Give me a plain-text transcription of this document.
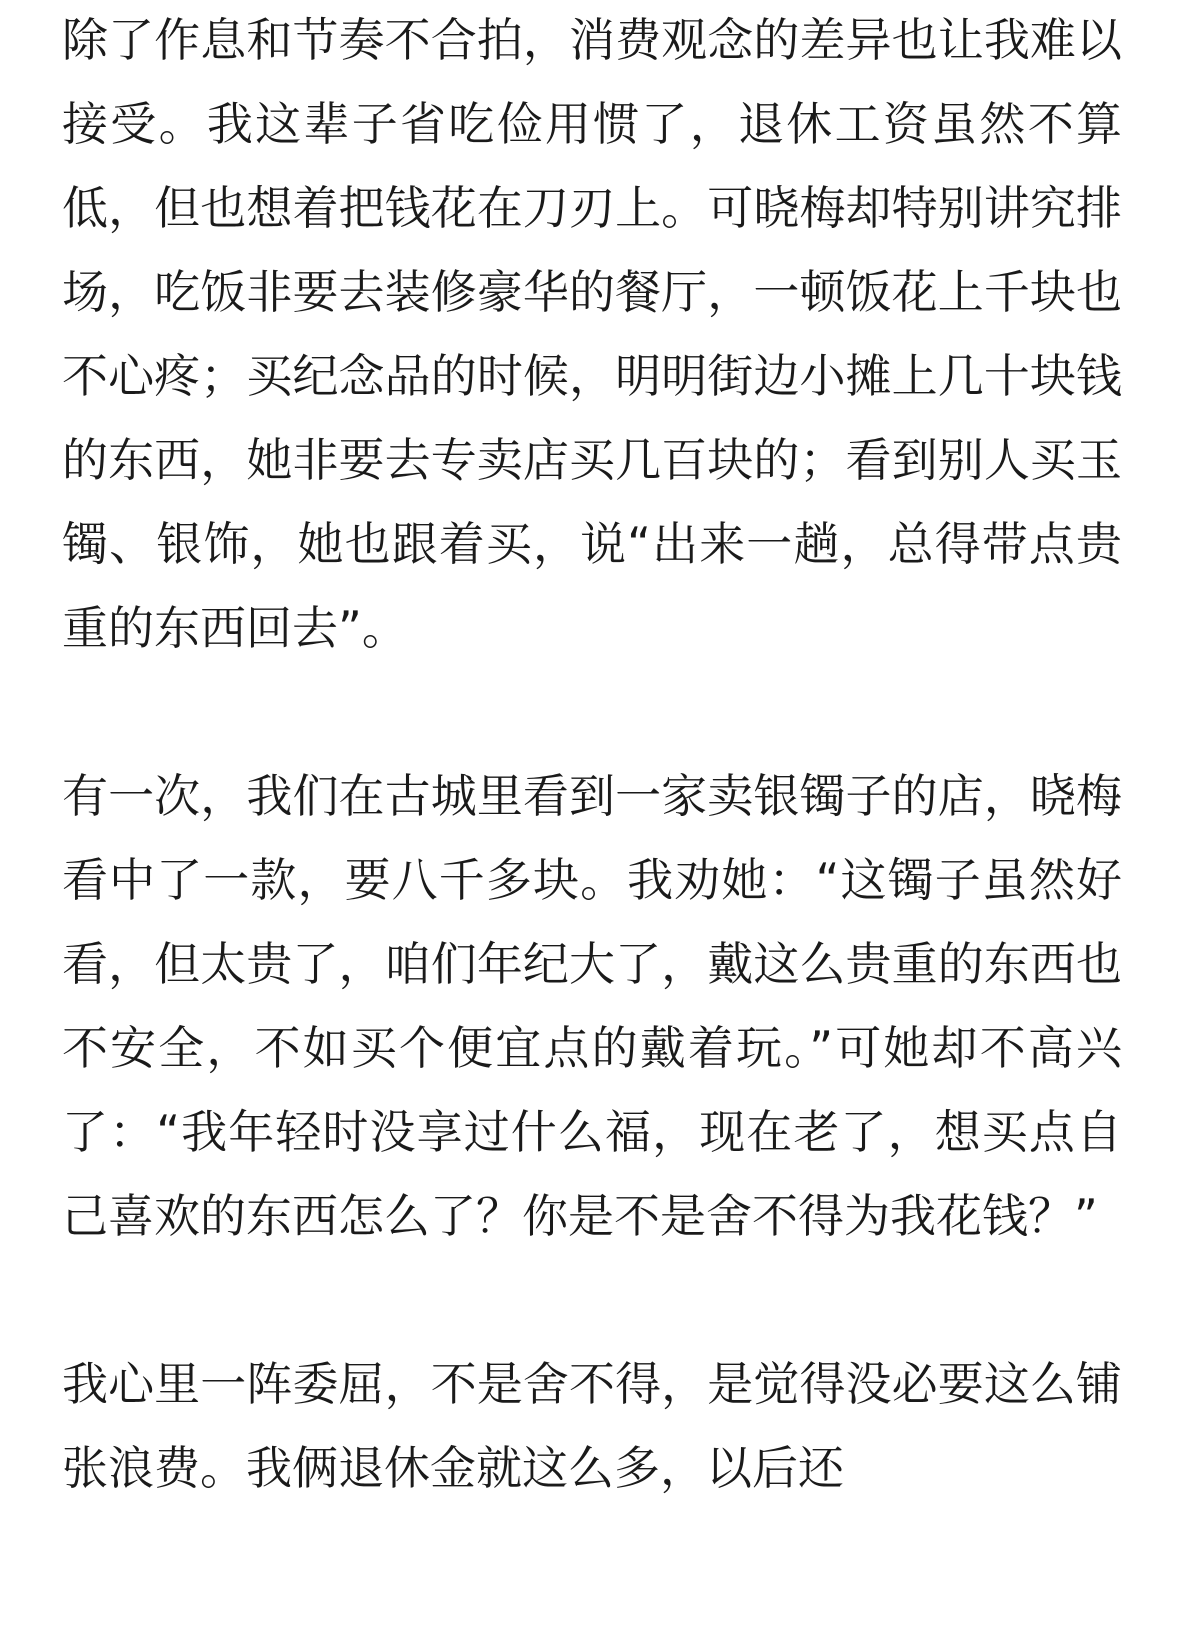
除了作息和节奏不合拍，消费观念的差异也让我难以接受。我这辈子省吃俭用惯了，退休工资虽然不算低，但也想着把钱花在刀刃上。可晓梅却特别讲究排场，吃饭非要去装修豪华的餐厅，一顿饭花上千块也不心疼；买纪念品的时候，明明街边小摊上几十块钱的东西，她非要去专卖店买几百块的；看到别人买玉镯、银饰，她也跟着买，说“出来一趟，总得带点贵重的东西回去”。

有一次，我们在古城里看到一家卖银镯子的店，晓梅看中了一款，要八千多块。我劝她：“这镯子虽然好看，但太贵了，咱们年纪大了，戴这么贵重的东西也不安全，不如买个便宜点的戴着玩。”可她却不高兴了：“我年轻时没享过什么福，现在老了，想买点自己喜欢的东西怎么了？你是不是舍不得为我花钱？”

我心里一阵委屈，不是舍不得，是觉得没必要这么铺张浪费。我俩退休金就这么多，以后还
